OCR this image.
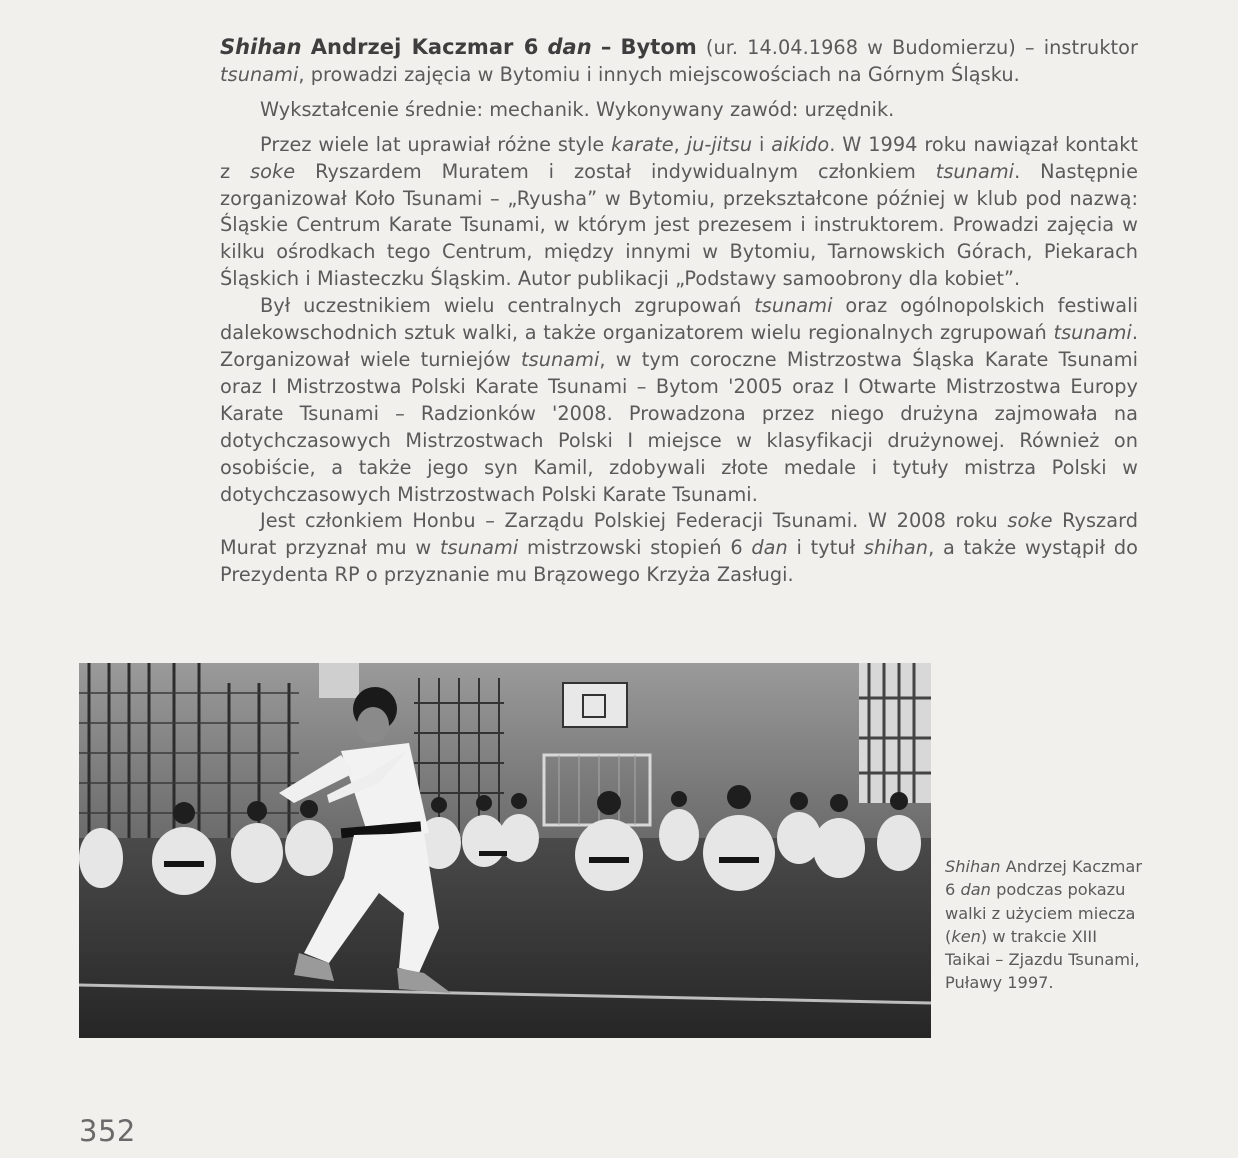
Shihan Andrzej Kaczmar 6 dan – Bytom (ur. 14.04.1968 w Budomierzu) – instruktor tsunami, prowadzi zajęcia w Bytomiu i innych miejscowościach na Górnym Śląsku.

Wykształcenie średnie: mechanik. Wykonywany zawód: urzędnik.

Przez wiele lat uprawiał różne style karate, ju-jitsu i aikido. W 1994 roku nawiązał kontakt z soke Ryszardem Muratem i został indywidualnym członkiem tsunami. Następnie zorganizował Koło Tsunami – „Ryusha” w Bytomiu, przekształcone później w klub pod nazwą: Śląskie Centrum Karate Tsunami, w którym jest prezesem i instruktorem. Prowadzi zajęcia w kilku ośrodkach tego Centrum, między innymi w Bytomiu, Tarnowskich Górach, Piekarach Śląskich i Miasteczku Śląskim. Autor publikacji „Podstawy samoobrony dla kobiet”.

Był uczestnikiem wielu centralnych zgrupowań tsunami oraz ogólnopolskich festiwali dalekowschodnich sztuk walki, a także organizatorem wielu regionalnych zgrupowań tsunami. Zorganizował wiele turniejów tsunami, w tym coroczne Mistrzostwa Śląska Karate Tsunami oraz I Mistrzostwa Polski Karate Tsunami – Bytom '2005 oraz I Otwarte Mistrzostwa Europy Karate Tsunami – Radzionków '2008. Prowadzona przez niego drużyna zajmowała na dotychczasowych Mistrzostwach Polski I miejsce w klasyfikacji drużynowej. Również on osobiście, a także jego syn Kamil, zdobywali złote medale i tytuły mistrza Polski w dotychczasowych Mistrzostwach Polski Karate Tsunami.

Jest członkiem Honbu – Zarządu Polskiej Federacji Tsunami. W 2008 roku soke Ryszard Murat przyznał mu w tsunami mistrzowski stopień 6 dan i tytuł shihan, a także wystąpił do Prezydenta RP o przyznanie mu Brązowego Krzyża Zasługi.

Shihan Andrzej Kaczmar 6 dan podczas pokazu walki z użyciem miecza (ken) w trakcie XIII Taikai – Zjazdu Tsunami, Puławy 1997.
352
